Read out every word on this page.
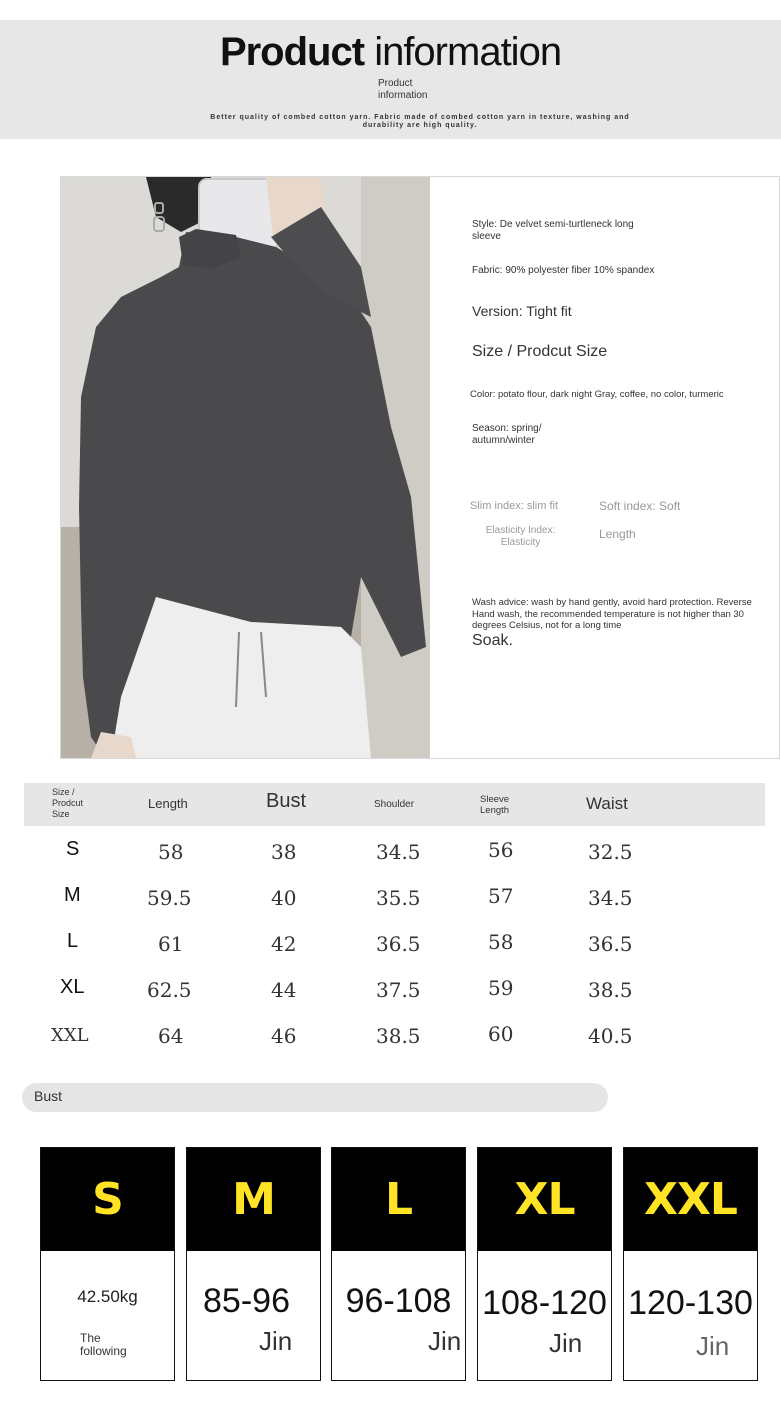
Product information
Product information
Better quality of combed cotton yarn. Fabric made of combed cotton yarn in texture, washing and durability are high quality.
Style: De velvet semi-turtleneck long sleeve
Fabric: 90% polyester fiber 10% spandex
Version: Tight fit
Size / Prodcut Size
Color: potato flour, dark night Gray, coffee, no color, turmeric
Season: spring/ autumn/winter
Slim index: slim fit	Soft index: Soft
Elasticity Index: Elasticity
Length
Wash advice: wash by hand gently, avoid hard protection. Reverse Hand wash, the recommended temperature is not higher than 30 degrees Celsius, not for a long time
Soak.
Size / Prodcut Size
Length	Bust	Shoulder	Sleeve Length	Waist
S	58	38	34.5	56	32.5
M	59.5	40	35.5	57	34.5
L	61	42	36.5	58	36.5
XL	62.5	44	37.5	59	38.5
XXL	64	46	38.5	60	40.5
Bust
S
42.50kg
The following
M
85-96
Jin
L
96-108
Jin
XL
108-120
Jin
XXL
120-130
Jin
